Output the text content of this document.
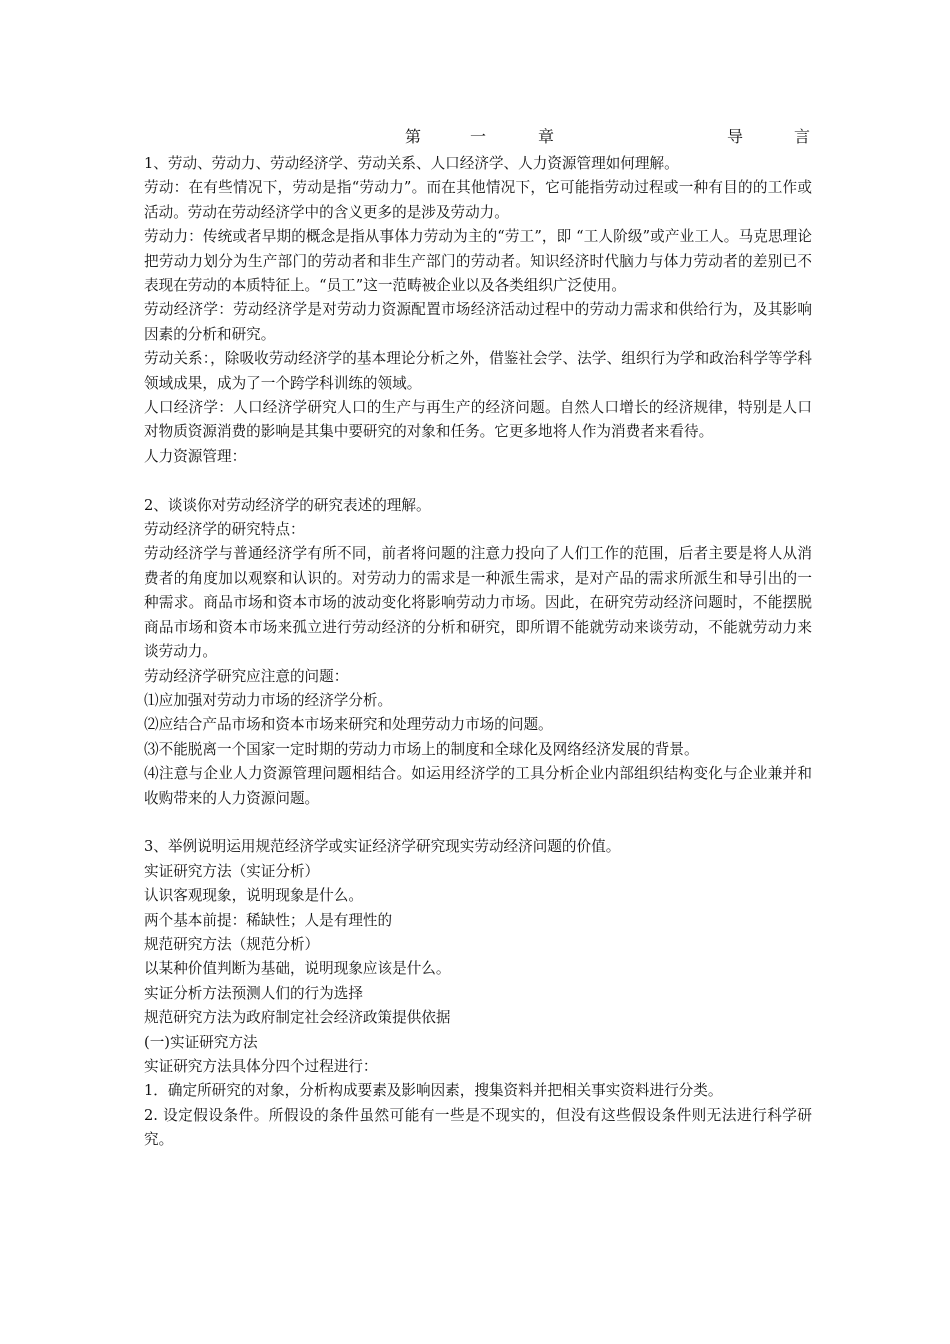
第	一	章	导	言

1、劳动、劳动力、劳动经济学、劳动关系、人口经济学、人力资源管理如何理解。

劳动：在有些情况下，劳动是指“劳动力”。而在其他情况下，它可能指劳动过程或一种有目的的工作或活动。劳动在劳动经济学中的含义更多的是涉及劳动力。

劳动力：传统或者早期的概念是指从事体力劳动为主的“劳工”，即 “工人阶级”或产业工人。马克思理论把劳动力划分为生产部门的劳动者和非生产部门的劳动者。知识经济时代脑力与体力劳动者的差别已不表现在劳动的本质特征上。“员工”这一范畴被企业以及各类组织广泛使用。

劳动经济学：劳动经济学是对劳动力资源配置市场经济活动过程中的劳动力需求和供给行为，及其影响因素的分析和研究。

劳动关系：，除吸收劳动经济学的基本理论分析之外，借鉴社会学、法学、组织行为学和政治科学等学科领域成果，成为了一个跨学科训练的领域。

人口经济学：人口经济学研究人口的生产与再生产的经济问题。自然人口增长的经济规律，特别是人口对物质资源消费的影响是其集中要研究的对象和任务。它更多地将人作为消费者来看待。

人力资源管理：

2、谈谈你对劳动经济学的研究表述的理解。

劳动经济学的研究特点：

劳动经济学与普通经济学有所不同，前者将问题的注意力投向了人们工作的范围，后者主要是将人从消费者的角度加以观察和认识的。对劳动力的需求是一种派生需求，是对产品的需求所派生和导引出的一种需求。商品市场和资本市场的波动变化将影响劳动力市场。因此，在研究劳动经济问题时，不能摆脱商品市场和资本市场来孤立进行劳动经济的分析和研究，即所谓不能就劳动来谈劳动，不能就劳动力来谈劳动力。

劳动经济学研究应注意的问题：

⑴应加强对劳动力市场的经济学分析。

⑵应结合产品市场和资本市场来研究和处理劳动力市场的问题。

⑶不能脱离一个国家一定时期的劳动力市场上的制度和全球化及网络经济发展的背景。

⑷注意与企业人力资源管理问题相结合。如运用经济学的工具分析企业内部组织结构变化与企业兼并和收购带来的人力资源问题。

3、举例说明运用规范经济学或实证经济学研究现实劳动经济问题的价值。

实证研究方法（实证分析）

认识客观现象，说明现象是什么。

两个基本前提：稀缺性；人是有理性的

规范研究方法（规范分析）

以某种价值判断为基础，说明现象应该是什么。

实证分析方法预测人们的行为选择

规范研究方法为政府制定社会经济政策提供依据

(一)实证研究方法

实证研究方法具体分四个过程进行：

1．确定所研究的对象，分析构成要素及影响因素，搜集资料并把相关事实资料进行分类。

2. 设定假设条件。所假设的条件虽然可能有一些是不现实的，但没有这些假设条件则无法进行科学研究。
